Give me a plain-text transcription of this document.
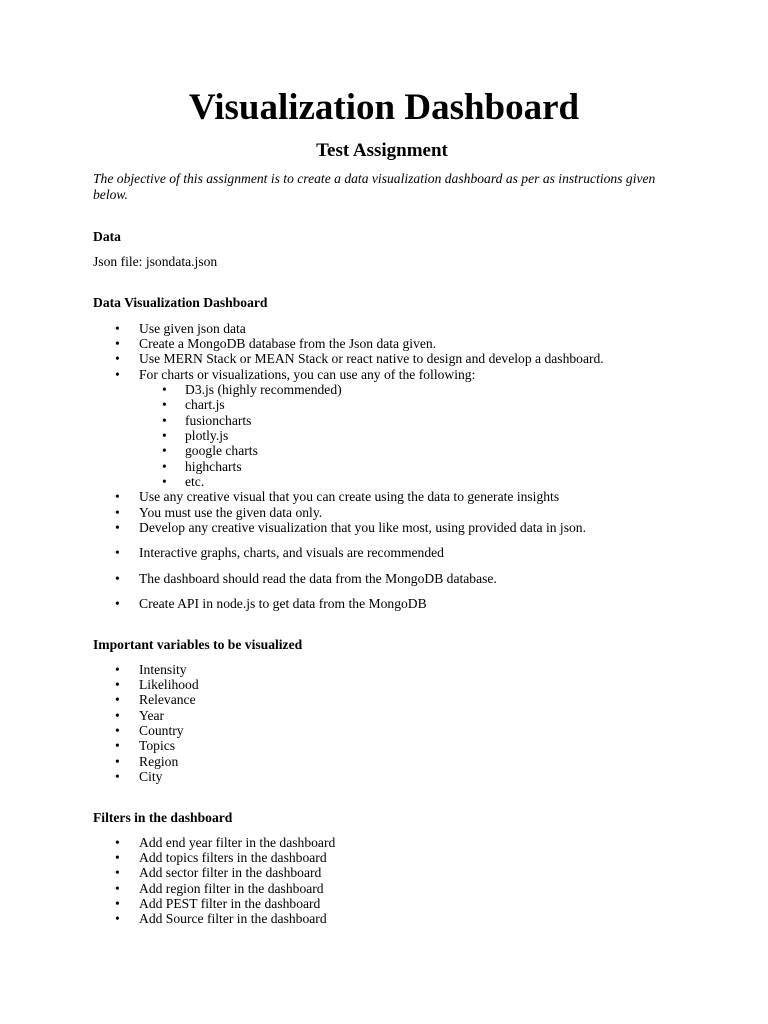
Visualization Dashboard
Test Assignment
The objective of this assignment is to create a data visualization dashboard as per as instructions given below.
Data
Json file: jsondata.json
Data Visualization Dashboard
• Use given json data
• Create a MongoDB database from the Json data given.
• Use MERN Stack or MEAN Stack or react native to design and develop a dashboard.
• For charts or visualizations, you can use any of the following:
• D3.js (highly recommended)
• chart.js
• fusioncharts
• plotly.js
• google charts
• highcharts
• etc.
• Use any creative visual that you can create using the data to generate insights
• You must use the given data only.
• Develop any creative visualization that you like most, using provided data in json.
• Interactive graphs, charts, and visuals are recommended
• The dashboard should read the data from the MongoDB database.
• Create API in node.js to get data from the MongoDB
Important variables to be visualized
• Intensity
• Likelihood
• Relevance
• Year
• Country
• Topics
• Region
• City
Filters in the dashboard
• Add end year filter in the dashboard
• Add topics filters in the dashboard
• Add sector filter in the dashboard
• Add region filter in the dashboard
• Add PEST filter in the dashboard
• Add Source filter in the dashboard
